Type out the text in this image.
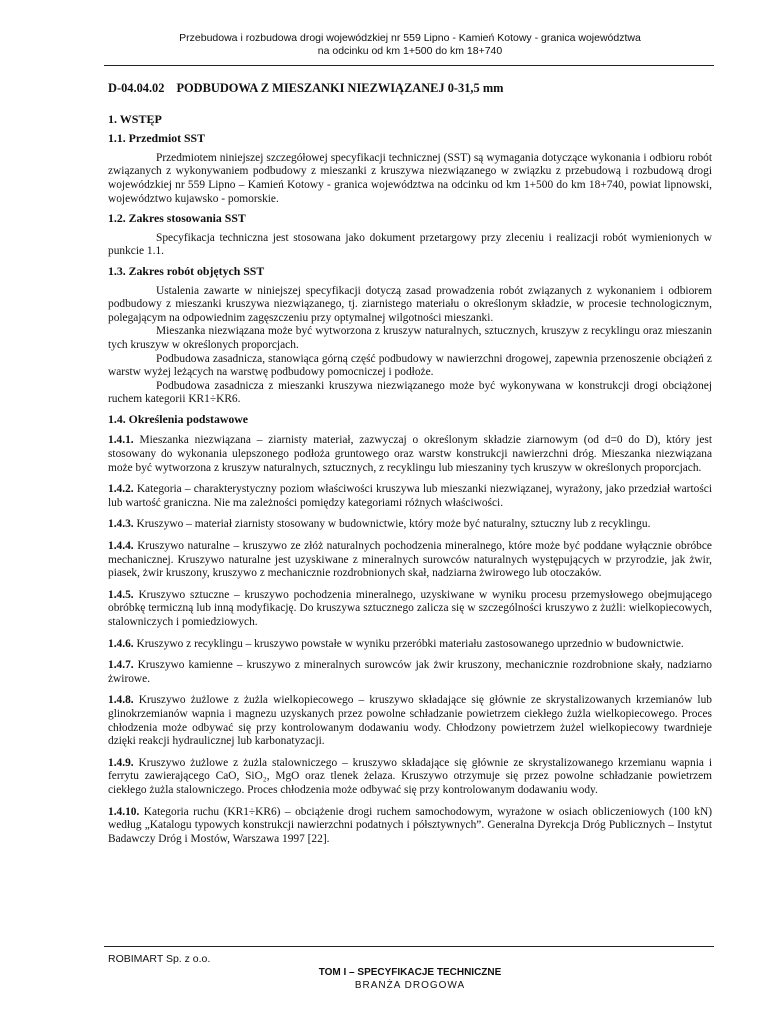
Przebudowa i rozbudowa drogi wojewódzkiej nr 559 Lipno - Kamień Kotowy - granica województwa
na odcinku od km 1+500 do km 18+740
D-04.04.02 PODBUDOWA Z MIESZANKI NIEZWIĄZANEJ 0-31,5 mm
1. WSTĘP
1.1. Przedmiot SST

Przedmiotem niniejszej szczegółowej specyfikacji technicznej (SST) są wymagania dotyczące wykonania i odbioru robót związanych z wykonywaniem podbudowy z mieszanki z kruszywa niezwiązanego w związku z przebudową i rozbudową drogi wojewódzkiej nr 559 Lipno – Kamień Kotowy - granica województwa na odcinku od km 1+500 do km 18+740, powiat lipnowski, województwo kujawsko - pomorskie.

1.2. Zakres stosowania SST

Specyfikacja techniczna jest stosowana jako dokument przetargowy przy zleceniu i realizacji robót wymienionych w punkcie 1.1.

1.3. Zakres robót objętych SST

Ustalenia zawarte w niniejszej specyfikacji dotyczą zasad prowadzenia robót związanych z wykonaniem i odbiorem podbudowy z mieszanki kruszywa niezwiązanego, tj. ziarnistego materiału o określonym składzie, w procesie technologicznym, polegającym na odpowiednim zagęszczeniu przy optymalnej wilgotności mieszanki.

Mieszanka niezwiązana może być wytworzona z kruszyw naturalnych, sztucznych, kruszyw z recyklingu oraz mieszanin tych kruszyw w określonych proporcjach.

Podbudowa zasadnicza, stanowiąca górną część podbudowy w nawierzchni drogowej, zapewnia przenoszenie obciążeń z warstw wyżej leżących na warstwę podbudowy pomocniczej i podłoże.

Podbudowa zasadnicza z mieszanki kruszywa niezwiązanego może być wykonywana w konstrukcji drogi obciążonej ruchem kategorii KR1÷KR6.

1.4. Określenia podstawowe

1.4.1. Mieszanka niezwiązana – ziarnisty materiał, zazwyczaj o określonym składzie ziarnowym (od d=0 do D), który jest stosowany do wykonania ulepszonego podłoża gruntowego oraz warstw konstrukcji nawierzchni dróg. Mieszanka niezwiązana może być wytworzona z kruszyw naturalnych, sztucznych, z recyklingu lub mieszaniny tych kruszyw w określonych proporcjach.

1.4.2. Kategoria – charakterystyczny poziom właściwości kruszywa lub mieszanki niezwiązanej, wyrażony, jako przedział wartości lub wartość graniczna. Nie ma zależności pomiędzy kategoriami różnych właściwości.

1.4.3. Kruszywo – materiał ziarnisty stosowany w budownictwie, który może być naturalny, sztuczny lub z recyklingu.

1.4.4. Kruszywo naturalne – kruszywo ze złóż naturalnych pochodzenia mineralnego, które może być poddane wyłącznie obróbce mechanicznej. Kruszywo naturalne jest uzyskiwane z mineralnych surowców naturalnych występujących w przyrodzie, jak żwir, piasek, żwir kruszony, kruszywo z mechanicznie rozdrobnionych skał, nadziarna żwirowego lub otoczaków.

1.4.5. Kruszywo sztuczne – kruszywo pochodzenia mineralnego, uzyskiwane w wyniku procesu przemysłowego obejmującego obróbkę termiczną lub inną modyfikację. Do kruszywa sztucznego zalicza się w szczególności kruszywo z żużli: wielkopiecowych, stalowniczych i pomiedziowych.

1.4.6. Kruszywo z recyklingu – kruszywo powstałe w wyniku przeróbki materiału zastosowanego uprzednio w budownictwie.

1.4.7. Kruszywo kamienne – kruszywo z mineralnych surowców jak żwir kruszony, mechanicznie rozdrobnione skały, nadziarno żwirowe.

1.4.8. Kruszywo żużlowe z żużla wielkopiecowego – kruszywo składające się głównie ze skrystalizowanych krzemianów lub glinokrzemianów wapnia i magnezu uzyskanych przez powolne schładzanie powietrzem ciekłego żużla wielkopiecowego. Proces chłodzenia może odbywać się przy kontrolowanym dodawaniu wody. Chłodzony powietrzem żużel wielkopiecowy twardnieje dzięki reakcji hydraulicznej lub karbonatyzacji.

1.4.9. Kruszywo żużlowe z żużla stalowniczego – kruszywo składające się głównie ze skrystalizowanego krzemianu wapnia i ferrytu zawierającego CaO, SiO₂, MgO oraz tlenek żelaza. Kruszywo otrzymuje się przez powolne schładzanie powietrzem ciekłego żużla stalowniczego. Proces chłodzenia może odbywać się przy kontrolowanym dodawaniu wody.

1.4.10. Kategoria ruchu (KR1÷KR6) – obciążenie drogi ruchem samochodowym, wyrażone w osiach obliczeniowych (100 kN) według „Katalogu typowych konstrukcji nawierzchni podatnych i półsztywnych”. Generalna Dyrekcja Dróg Publicznych – Instytut Badawczy Dróg i Mostów, Warszawa 1997 [22].

ROBIMART Sp. z o.o.
TOM I – SPECYFIKACJE TECHNICZNE
BRANŻA DROGOWA
